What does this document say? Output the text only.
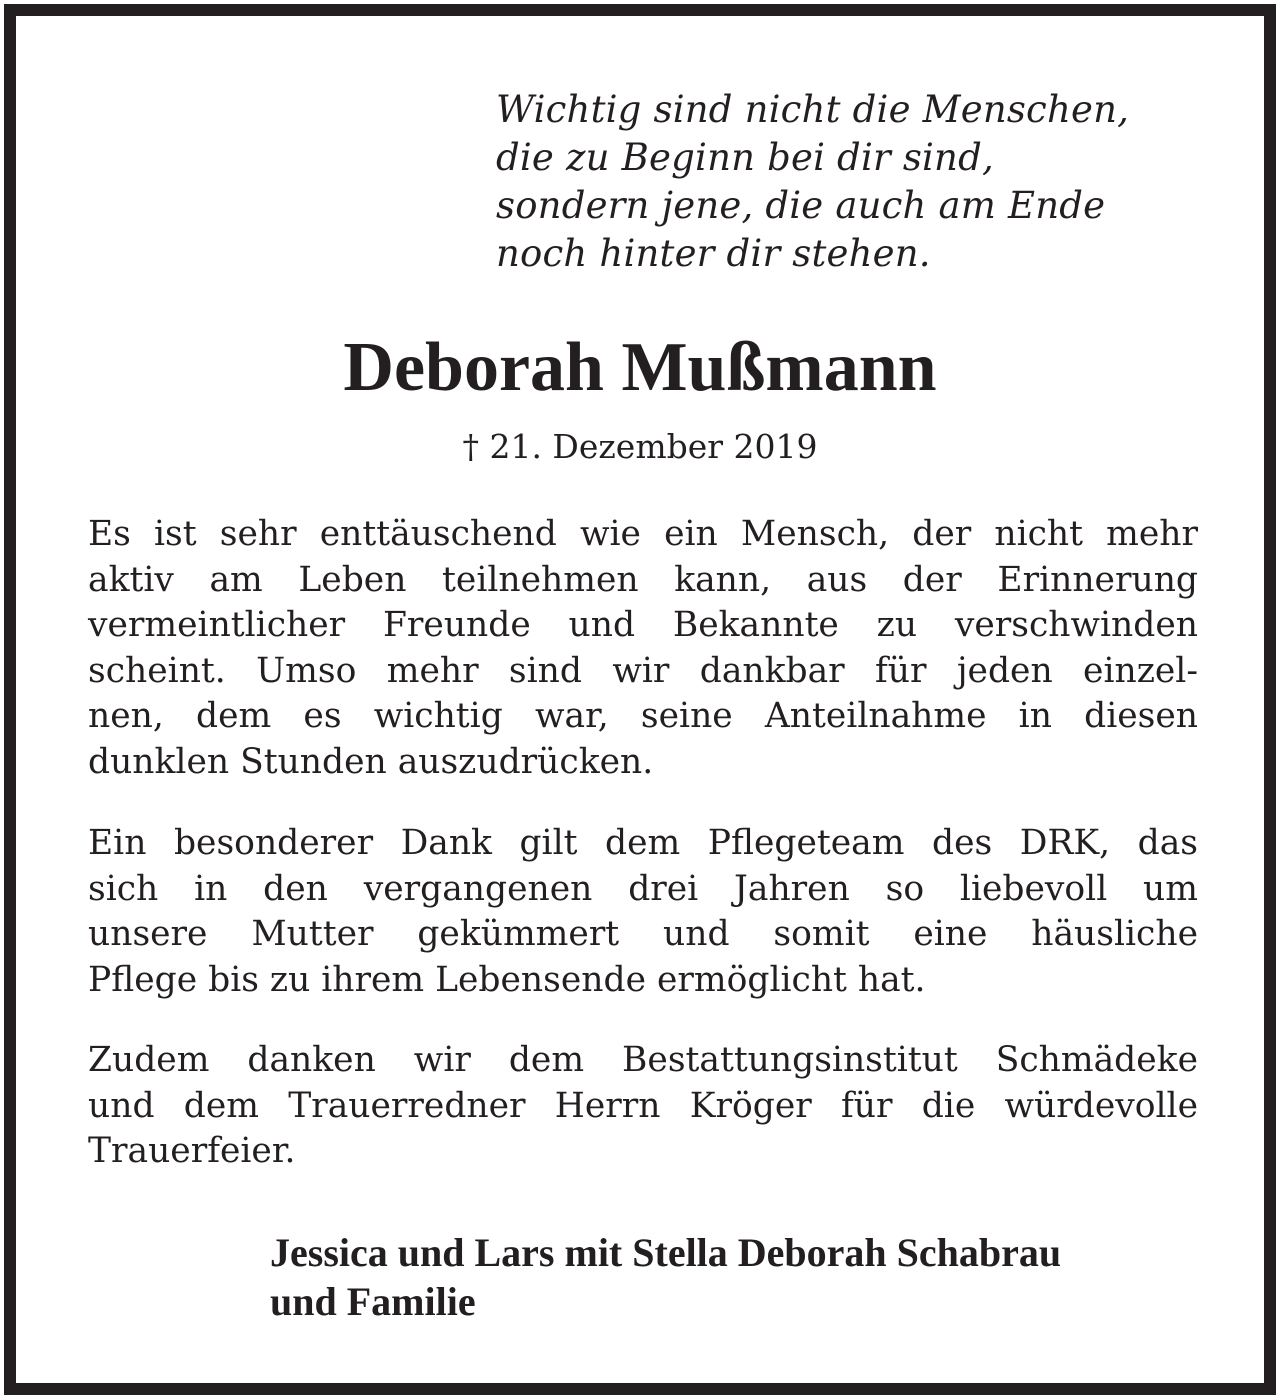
Wichtig sind nicht die Menschen,
die zu Beginn bei dir sind,
sondern jene, die auch am Ende
noch hinter dir stehen.
Deborah Mußmann
† 21. Dezember 2019
Es ist sehr enttäuschend wie ein Mensch, der nicht mehr
aktiv am Leben teilnehmen kann, aus der Erinnerung
vermeintlicher Freunde und Bekannte zu verschwinden
scheint. Umso mehr sind wir dankbar für jeden einzel-
nen, dem es wichtig war, seine Anteilnahme in diesen
dunklen Stunden auszudrücken.
Ein besonderer Dank gilt dem Pflegeteam des DRK, das
sich in den vergangenen drei Jahren so liebevoll um
unsere Mutter gekümmert und somit eine häusliche
Pflege bis zu ihrem Lebensende ermöglicht hat.
Zudem danken wir dem Bestattungsinstitut Schmädeke
und dem Trauerredner Herrn Kröger für die würdevolle
Trauerfeier.
Jessica und Lars mit Stella Deborah Schabrau
und Familie
